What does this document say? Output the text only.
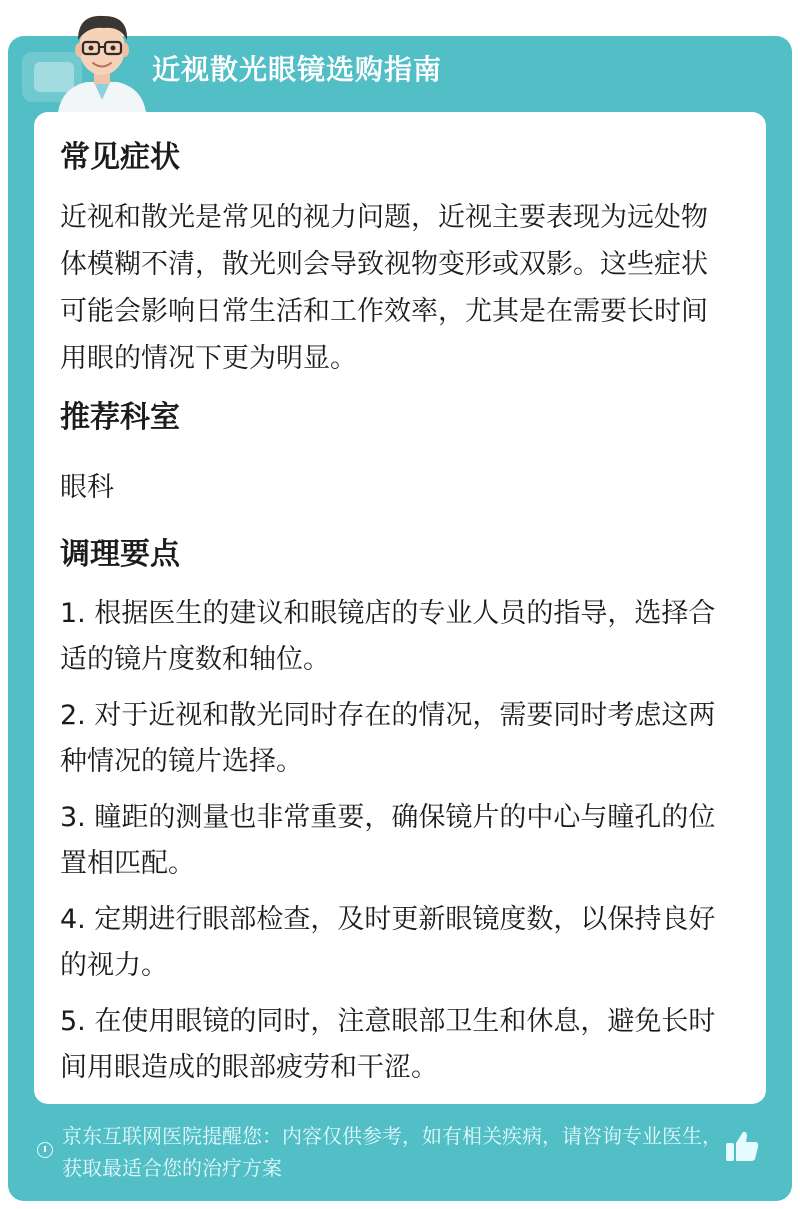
近视散光眼镜选购指南
常见症状

近视和散光是常见的视力问题，近视主要表现为远处物体模糊不清，散光则会导致视物变形或双影。这些症状可能会影响日常生活和工作效率，尤其是在需要长时间用眼的情况下更为明显。

推荐科室

眼科

调理要点
1. 根据医生的建议和眼镜店的专业人员的指导，选择合适的镜片度数和轴位。
2. 对于近视和散光同时存在的情况，需要同时考虑这两种情况的镜片选择。
3. 瞳距的测量也非常重要，确保镜片的中心与瞳孔的位置相匹配。
4. 定期进行眼部检查，及时更新眼镜度数，以保持良好的视力。
5. 在使用眼镜的同时，注意眼部卫生和休息，避免长时间用眼造成的眼部疲劳和干涩。
京东互联网医院提醒您：内容仅供参考，如有相关疾病，请咨询专业医生，获取最适合您的治疗方案
